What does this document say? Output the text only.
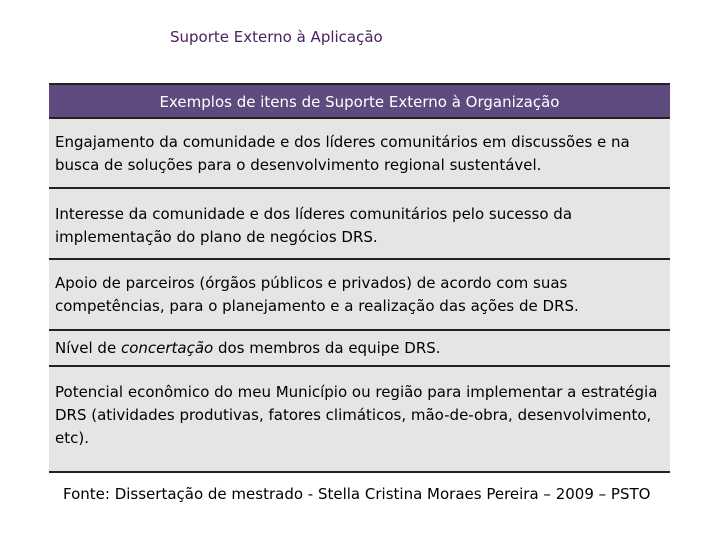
Suporte Externo à Aplicação
Exemplos de itens de Suporte Externo à Organização
Engajamento da comunidade e dos líderes comunitários em discussões e na busca de soluções para o desenvolvimento regional sustentável.
Interesse da comunidade e dos líderes comunitários pelo sucesso da implementação do plano de negócios DRS.
Apoio de parceiros (órgãos públicos e privados) de acordo com suas competências, para o planejamento e a realização das ações de DRS.
Nível de concertação dos membros da equipe DRS.
Potencial econômico do meu Município ou região para implementar a estratégia DRS (atividades produtivas, fatores climáticos, mão-de-obra, desenvolvimento, etc).
Fonte: Dissertação de mestrado - Stella Cristina Moraes Pereira – 2009 – PSTO
